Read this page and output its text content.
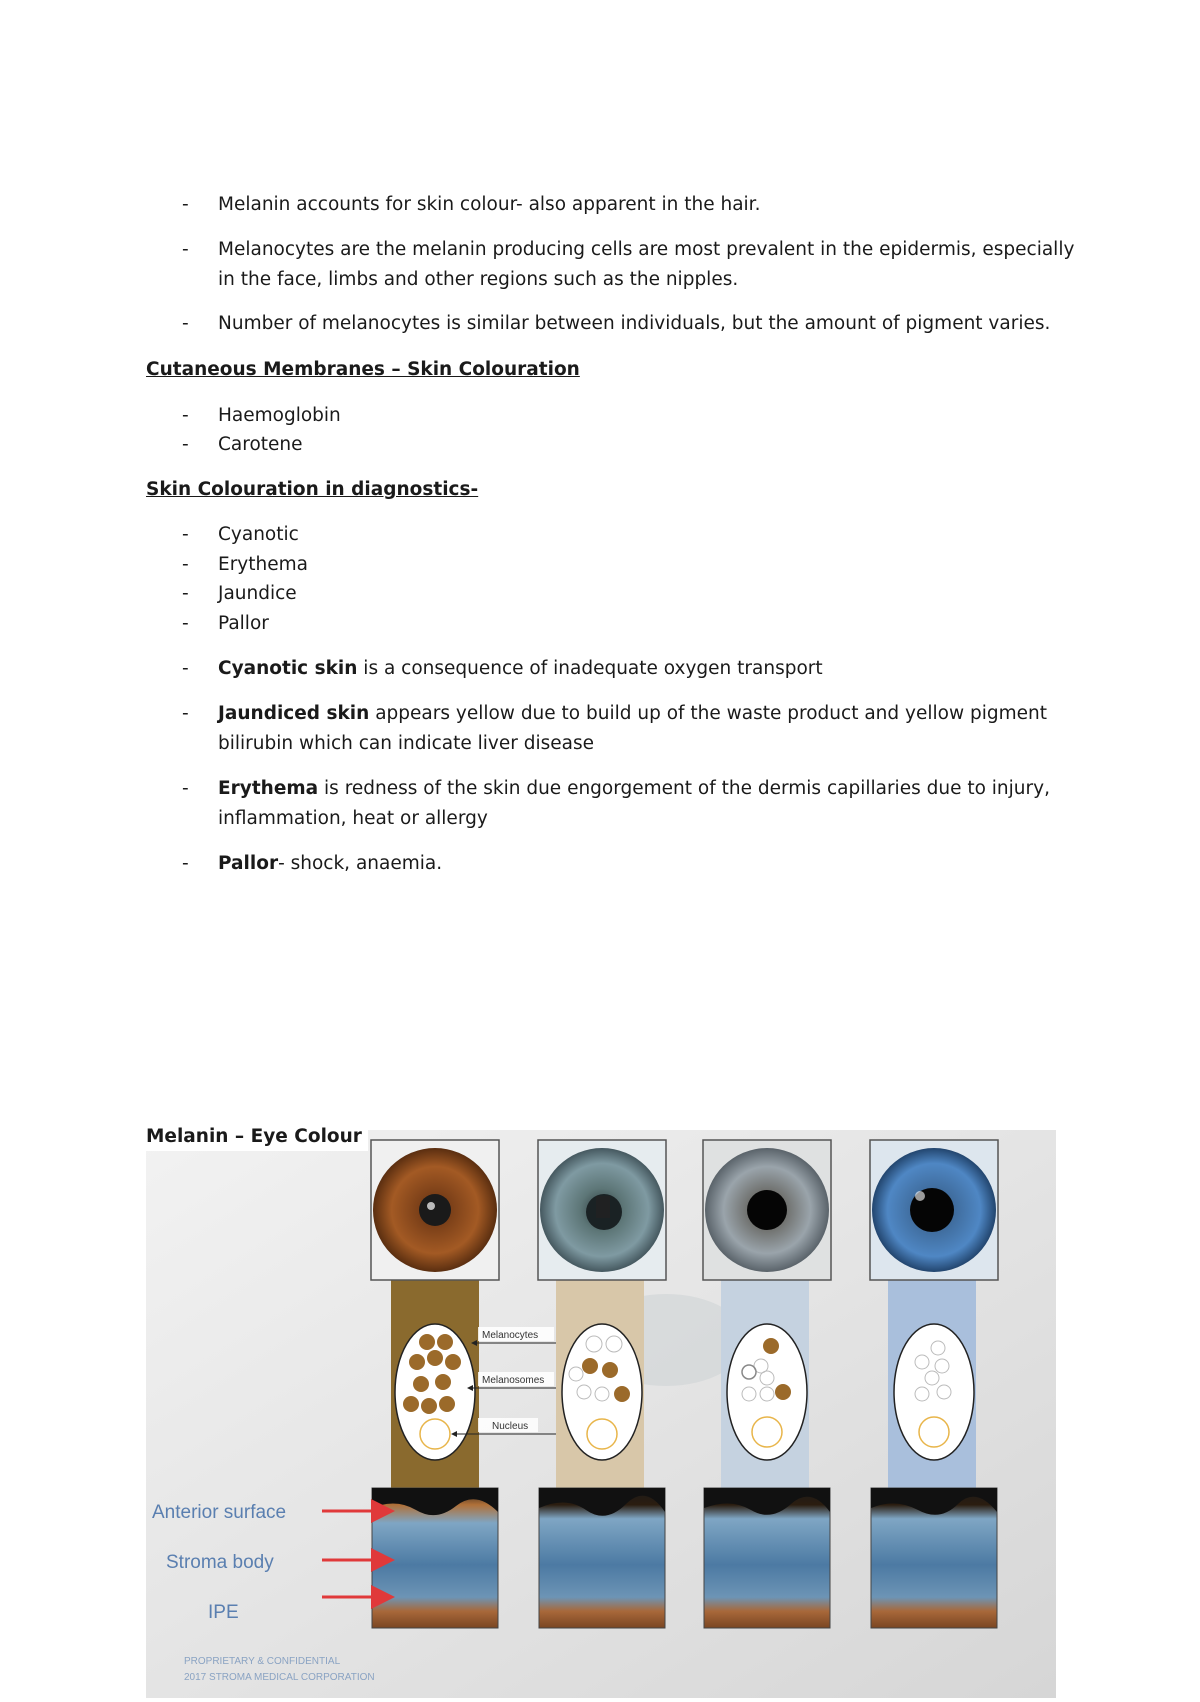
- Melanin accounts for skin colour- also apparent in the hair.
- Melanocytes are the melanin producing cells are most prevalent in the epidermis, especially
in the face, limbs and other regions such as the nipples.
- Number of melanocytes is similar between individuals, but the amount of pigment varies.
Cutaneous Membranes – Skin Colouration
- Haemoglobin
- Carotene
Skin Colouration in diagnostics-
- Cyanotic
- Erythema
- Jaundice
- Pallor
- Cyanotic skin is a consequence of inadequate oxygen transport
- Jaundiced skin appears yellow due to build up of the waste product and yellow pigment
bilirubin which can indicate liver disease
- Erythema is redness of the skin due engorgement of the dermis capillaries due to injury,
inflammation, heat or allergy
- Pallor- shock, anaemia.
Melanin – Eye Colour
Melanocytes
Melanosomes
Nucleus
Anterior surface
Stroma body
IPE
PROPRIETARY & CONFIDENTIAL
2017 STROMA MEDICAL CORPORATION
